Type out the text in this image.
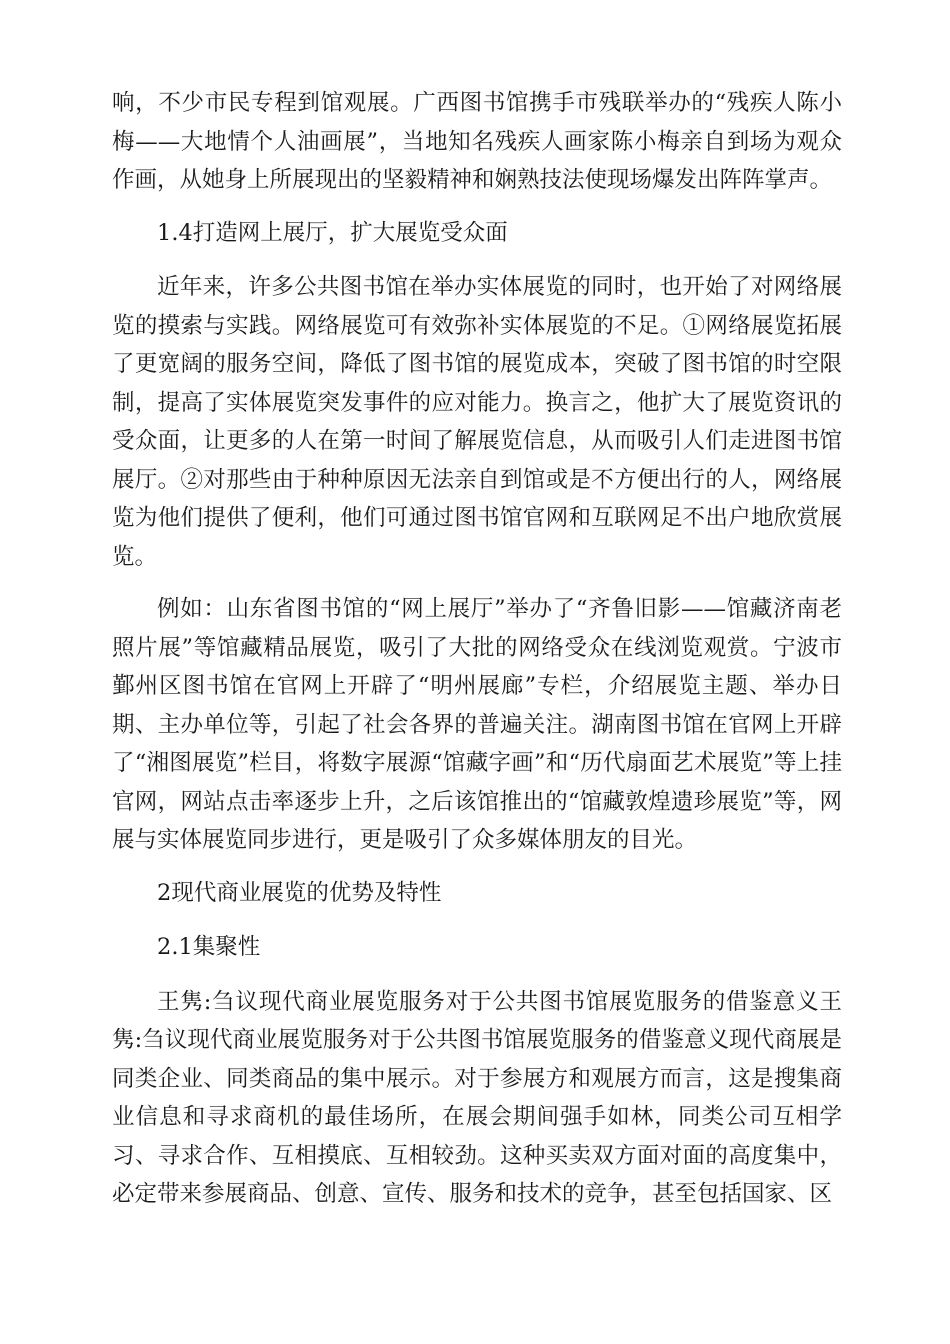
响，不少市民专程到馆观展。广西图书馆携手市残联举办的“残疾人陈小梅——大地情个人油画展”，当地知名残疾人画家陈小梅亲自到场为观众作画，从她身上所展现出的坚毅精神和娴熟技法使现场爆发出阵阵掌声。

1.4打造网上展厅，扩大展览受众面

近年来，许多公共图书馆在举办实体展览的同时，也开始了对网络展览的摸索与实践。网络展览可有效弥补实体展览的不足。①网络展览拓展了更宽阔的服务空间，降低了图书馆的展览成本，突破了图书馆的时空限制，提高了实体展览突发事件的应对能力。换言之，他扩大了展览资讯的受众面，让更多的人在第一时间了解展览信息，从而吸引人们走进图书馆展厅。②对那些由于种种原因无法亲自到馆或是不方便出行的人，网络展览为他们提供了便利，他们可通过图书馆官网和互联网足不出户地欣赏展览。

例如：山东省图书馆的“网上展厅”举办了“齐鲁旧影——馆藏济南老照片展”等馆藏精品展览，吸引了大批的网络受众在线浏览观赏。宁波市鄞州区图书馆在官网上开辟了“明州展廊”专栏，介绍展览主题、举办日期、主办单位等，引起了社会各界的普遍关注。湖南图书馆在官网上开辟了“湘图展览”栏目，将数字展源“馆藏字画”和“历代扇面艺术展览”等上挂官网，网站点击率逐步上升，之后该馆推出的“馆藏敦煌遗珍展览”等，网展与实体展览同步进行，更是吸引了众多媒体朋友的目光。

2现代商业展览的优势及特性

2.1集聚性

王隽:刍议现代商业展览服务对于公共图书馆展览服务的借鉴意义王隽:刍议现代商业展览服务对于公共图书馆展览服务的借鉴意义现代商展是同类企业、同类商品的集中展示。对于参展方和观展方而言，这是搜集商业信息和寻求商机的最佳场所，在展会期间强手如林，同类公司互相学习、寻求合作、互相摸底、互相较劲。这种买卖双方面对面的高度集中，必定带来参展商品、创意、宣传、服务和技术的竞争，甚至包括国家、区
